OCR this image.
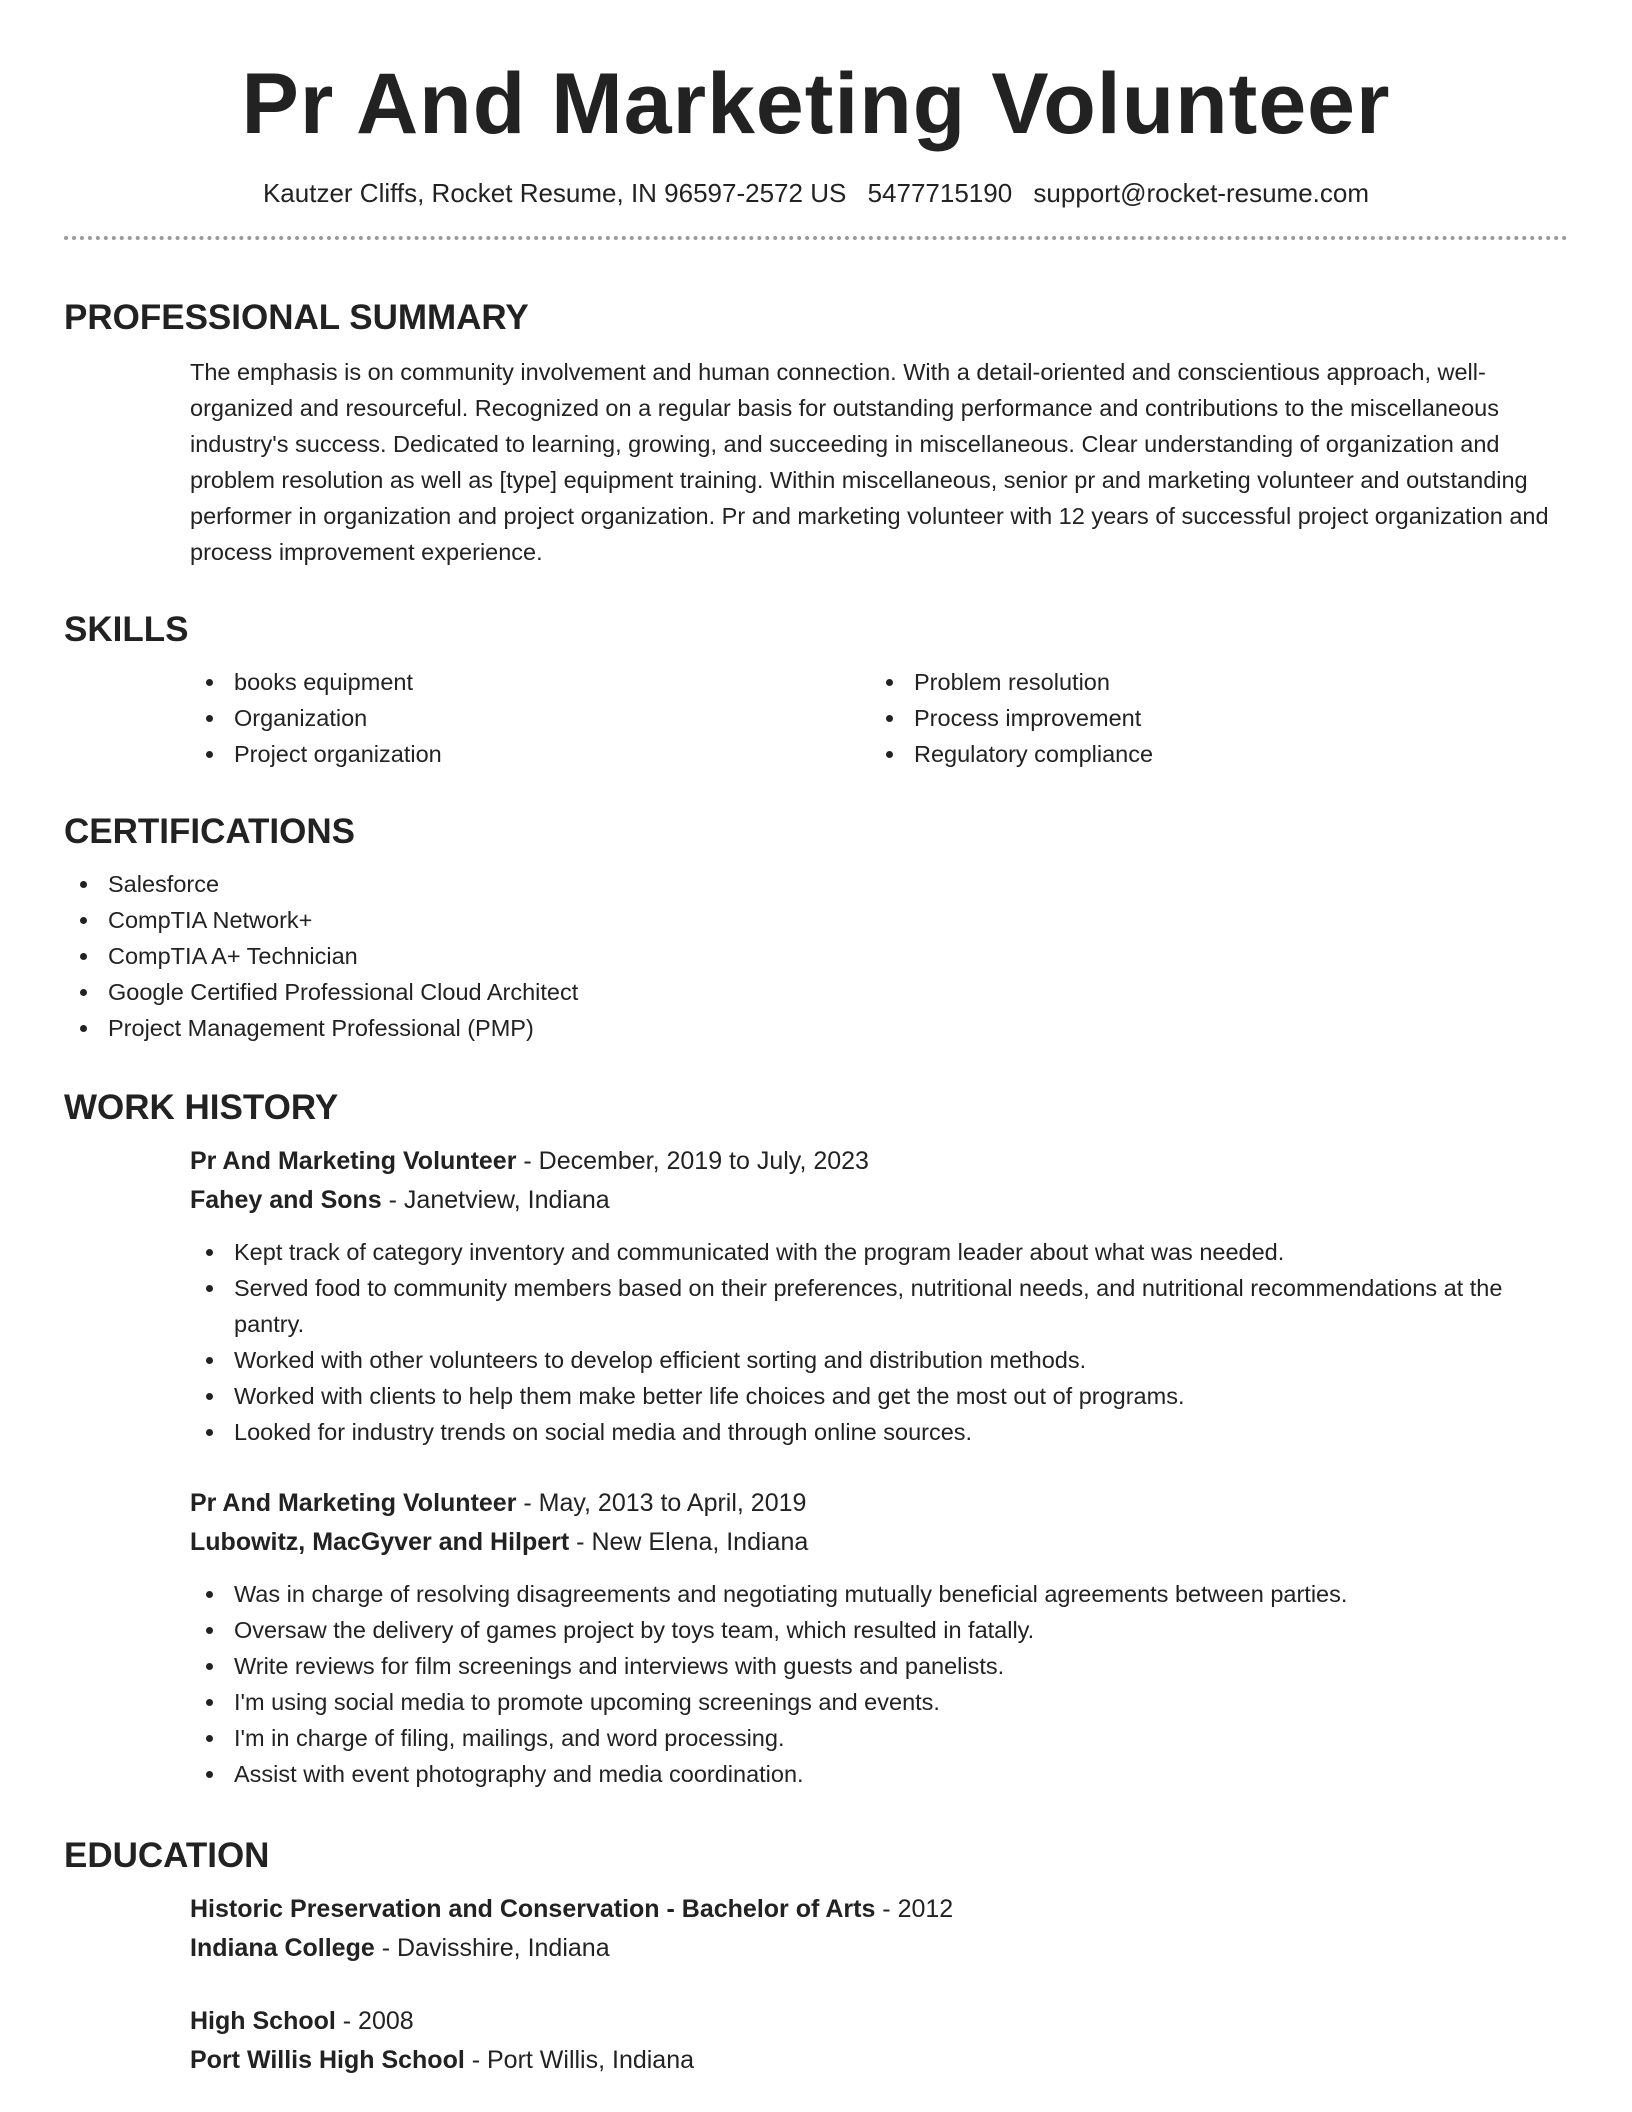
Pr And Marketing Volunteer
Kautzer Cliffs, Rocket Resume, IN 96597-2572 US 5477715190 support@rocket-resume.com
PROFESSIONAL SUMMARY

The emphasis is on community involvement and human connection. With a detail-oriented and conscientious approach, well-organized and resourceful. Recognized on a regular basis for outstanding performance and contributions to the miscellaneous industry's success. Dedicated to learning, growing, and succeeding in miscellaneous. Clear understanding of organization and problem resolution as well as [type] equipment training. Within miscellaneous, senior pr and marketing volunteer and outstanding performer in organization and project organization. Pr and marketing volunteer with 12 years of successful project organization and process improvement experience.

SKILLS
books equipment
Organization
Project organization
Problem resolution
Process improvement
Regulatory compliance
CERTIFICATIONS
Salesforce
CompTIA Network+
CompTIA A+ Technician
Google Certified Professional Cloud Architect
Project Management Professional (PMP)
WORK HISTORY
Pr And Marketing Volunteer - December, 2019 to July, 2023
Fahey and Sons - Janetview, Indiana
Kept track of category inventory and communicated with the program leader about what was needed.
Served food to community members based on their preferences, nutritional needs, and nutritional recommendations at the pantry.
Worked with other volunteers to develop efficient sorting and distribution methods.
Worked with clients to help them make better life choices and get the most out of programs.
Looked for industry trends on social media and through online sources.
Pr And Marketing Volunteer - May, 2013 to April, 2019
Lubowitz, MacGyver and Hilpert - New Elena, Indiana
Was in charge of resolving disagreements and negotiating mutually beneficial agreements between parties.
Oversaw the delivery of games project by toys team, which resulted in fatally.
Write reviews for film screenings and interviews with guests and panelists.
I'm using social media to promote upcoming screenings and events.
I'm in charge of filing, mailings, and word processing.
Assist with event photography and media coordination.
EDUCATION
Historic Preservation and Conservation - Bachelor of Arts - 2012
Indiana College - Davisshire, Indiana
High School - 2008
Port Willis High School - Port Willis, Indiana
